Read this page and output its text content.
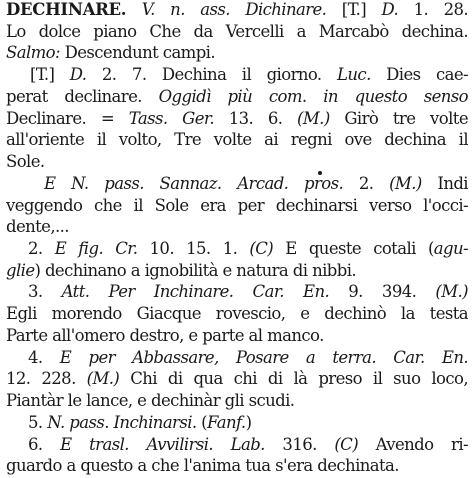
DECHINARE. V. n. ass. Dichinare. [T.] D. 1. 28.
Lo dolce piano Che da Vercelli a Marcabò dechina.
Salmo: Descendunt campi.
[T.] D. 2. 7. Dechina il giorno. Luc. Dies cae-
perat declinare. Oggidì più com. in questo senso
Declinare. = Tass. Ger. 13. 6. (M.) Girò tre volte
all'oriente il volto, Tre volte ai regni ove dechina il
Sole.
E N. pass. Sannaz. Arcad. pros. 2. (M.) Indi
veggendo che il Sole era per dechinarsi verso l'occi-
dente,...
2. E fig. Cr. 10. 15. 1. (C) E queste cotali (agu-
glie) dechinano a ignobilità e natura di nibbi.
3. Att. Per Inchinare. Car. En. 9. 394. (M.)
Egli morendo Giacque rovescio, e dechinò la testa
Parte all'omero destro, e parte al manco.
4. E per Abbassare, Posare a terra. Car. En.
12. 228. (M.) Chi di qua chi di là preso il suo loco,
Piantàr le lance, e dechinàr gli scudi.
5. N. pass. Inchinarsi. (Fanf.)
6. E trasl. Avvilirsi. Lab. 316. (C) Avendo ri-
guardo a questo a che l'anima tua s'era dechinata.
